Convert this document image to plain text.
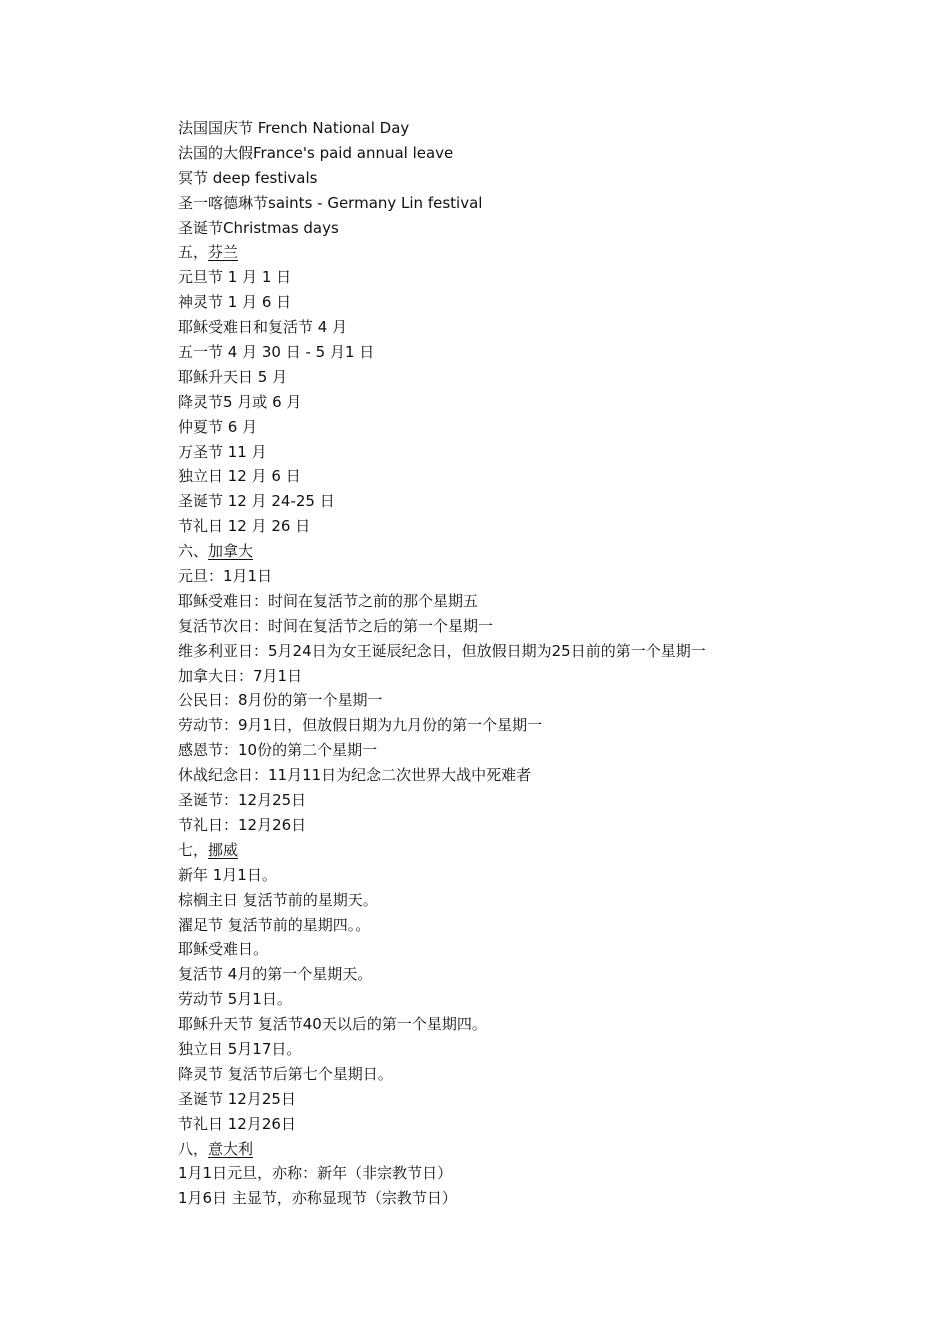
法国国庆节 French National Day
法国的大假France's paid annual leave
冥节 deep festivals
圣一喀德琳节saints - Germany Lin festival
圣诞节Christmas days
五，芬兰
元旦节 1 月 1 日
神灵节 1 月 6 日
耶稣受难日和复活节 4 月
五一节 4 月 30 日 - 5 月1 日
耶稣升天日 5 月
降灵节5 月或 6 月
仲夏节 6 月
万圣节 11 月
独立日 12 月 6 日
圣诞节 12 月 24-25 日
节礼日 12 月 26 日
六、加拿大
元旦：1月1日
耶稣受难日：时间在复活节之前的那个星期五
复活节次日：时间在复活节之后的第一个星期一
维多利亚日：5月24日为女王诞辰纪念日，但放假日期为25日前的第一个星期一
加拿大日：7月1日
公民日：8月份的第一个星期一
劳动节：9月1日，但放假日期为九月份的第一个星期一
感恩节：10份的第二个星期一
休战纪念日：11月11日为纪念二次世界大战中死难者
圣诞节：12月25日
节礼日：12月26日
七，挪威
新年 1月1日。
棕榈主日 复活节前的星期天。
濯足节 复活节前的星期四。。
耶稣受难日。
复活节 4月的第一个星期天。
劳动节 5月1日。
耶稣升天节 复活节40天以后的第一个星期四。
独立日 5月17日。
降灵节 复活节后第七个星期日。
圣诞节 12月25日
节礼日 12月26日
八，意大利
1月1日元旦，亦称：新年（非宗教节日）
1月6日 主显节，亦称显现节（宗教节日）
